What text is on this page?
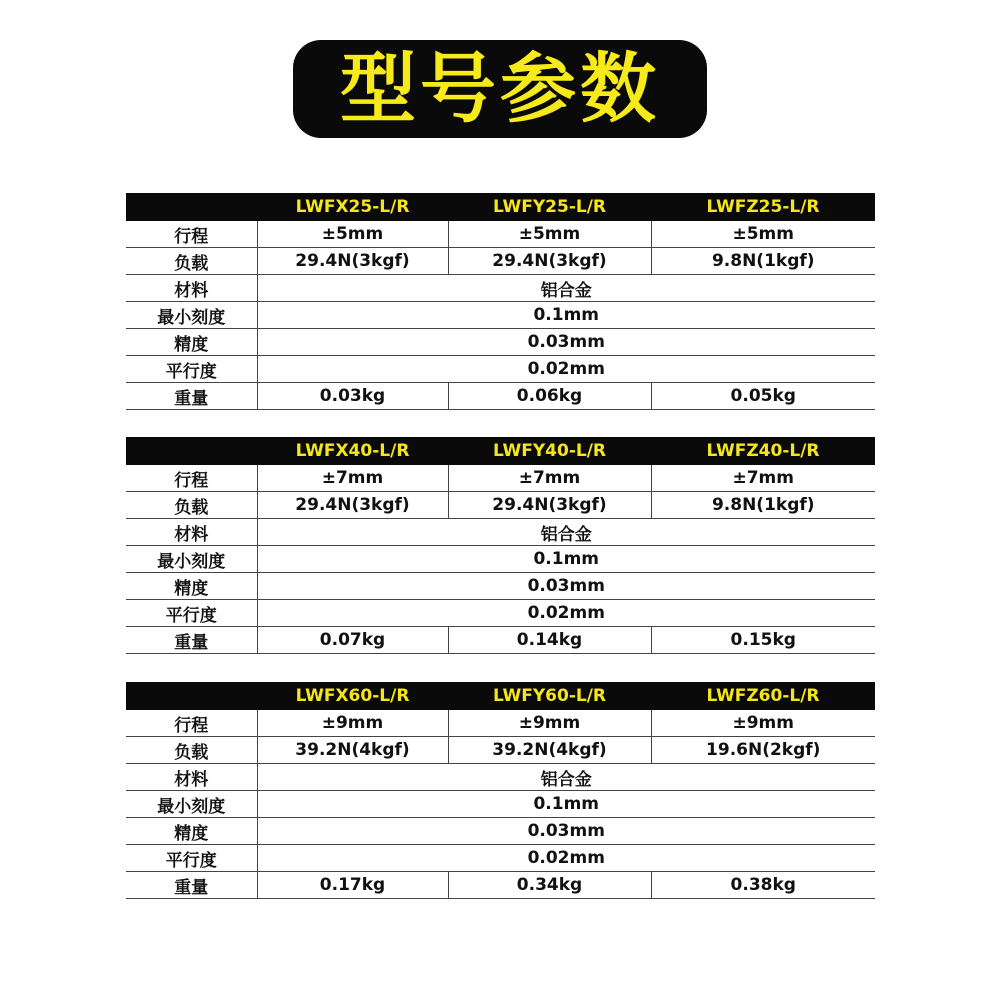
型号参数
	LWFX25-L/R	LWFY25-L/R	LWFZ25-L/R
行程	±5mm	±5mm	±5mm
负载	29.4N(3kgf)	29.4N(3kgf)	9.8N(1kgf)
材料	铝合金		
最小刻度	0.1mm		
精度	0.03mm		
平行度	0.02mm		
重量	0.03kg	0.06kg	0.05kg
	LWFX40-L/R	LWFY40-L/R	LWFZ40-L/R
行程	±7mm	±7mm	±7mm
负载	29.4N(3kgf)	29.4N(3kgf)	9.8N(1kgf)
材料	铝合金		
最小刻度	0.1mm		
精度	0.03mm		
平行度	0.02mm		
重量	0.07kg	0.14kg	0.15kg
	LWFX60-L/R	LWFY60-L/R	LWFZ60-L/R
行程	±9mm	±9mm	±9mm
负载	39.2N(4kgf)	39.2N(4kgf)	19.6N(2kgf)
材料	铝合金		
最小刻度	0.1mm		
精度	0.03mm		
平行度	0.02mm		
重量	0.17kg	0.34kg	0.38kg
